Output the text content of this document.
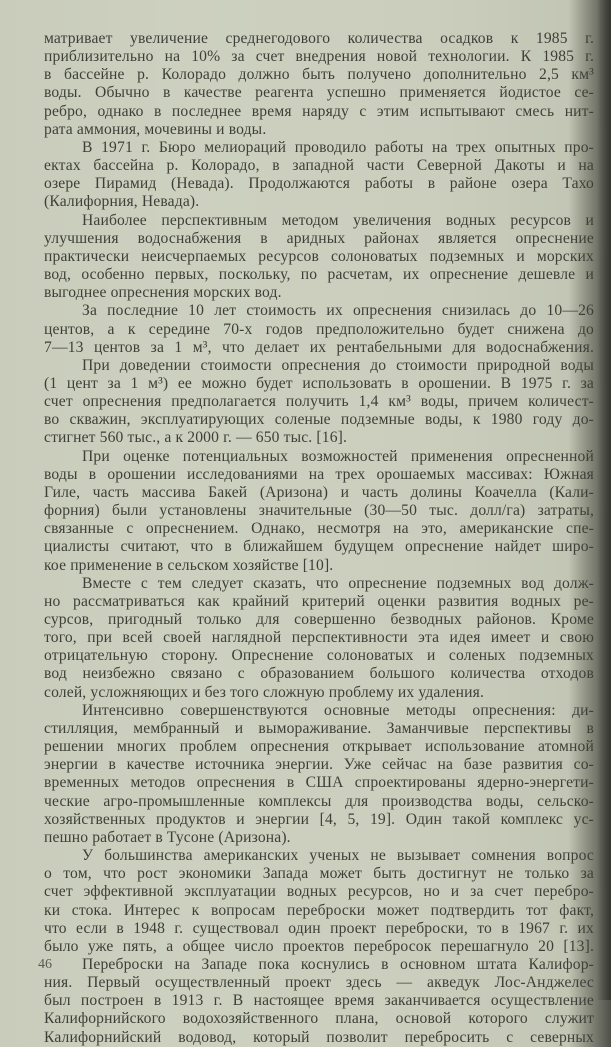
матривает увеличение среднегодового количества осадков к 1985 г.
приблизительно на 10% за счет внедрения новой технологии. К 1985 г.
в бассейне р. Колорадо должно быть получено дополнительно 2,5 км³
воды. Обычно в качестве реагента успешно применяется йодистое се-
ребро, однако в последнее время наряду с этим испытывают смесь нит-
рата аммония, мочевины и воды.
В 1971 г. Бюро мелиораций проводило работы на трех опытных про-
ектах бассейна р. Колорадо, в западной части Северной Дакоты и на
озере Пирамид (Невада). Продолжаются работы в районе озера Тахо
(Калифорния, Невада).
Наиболее перспективным методом увеличения водных ресурсов и
улучшения водоснабжения в аридных районах является опреснение
практически неисчерпаемых ресурсов солоноватых подземных и морских
вод, особенно первых, поскольку, по расчетам, их опреснение дешевле и
выгоднее опреснения морских вод.
За последние 10 лет стоимость их опреснения снизилась до 10—26
центов, а к середине 70-х годов предположительно будет снижена до
7—13 центов за 1 м³, что делает их рентабельными для водоснабжения.
При доведении стоимости опреснения до стоимости природной воды
(1 цент за 1 м³) ее можно будет использовать в орошении. В 1975 г. за
счет опреснения предполагается получить 1,4 км³ воды, причем количест-
во скважин, эксплуатирующих соленые подземные воды, к 1980 году до-
стигнет 560 тыс., а к 2000 г. — 650 тыс. [16].
При оценке потенциальных возможностей применения опресненной
воды в орошении исследованиями на трех орошаемых массивах: Южная
Гиле, часть массива Бакей (Аризона) и часть долины Коачелла (Кали-
форния) были установлены значительные (30—50 тыс. долл/га) затраты,
связанные с опреснением. Однако, несмотря на это, американские спе-
циалисты считают, что в ближайшем будущем опреснение найдет широ-
кое применение в сельском хозяйстве [10].
Вместе с тем следует сказать, что опреснение подземных вод долж-
но рассматриваться как крайний критерий оценки развития водных ре-
сурсов, пригодный только для совершенно безводных районов. Кроме
того, при всей своей наглядной перспективности эта идея имеет и свою
отрицательную сторону. Опреснение солоноватых и соленых подземных
вод неизбежно связано с образованием большого количества отходов
солей, усложняющих и без того сложную проблему их удаления.
Интенсивно совершенствуются основные методы опреснения: ди-
стилляция, мембранный и вымораживание. Заманчивые перспективы в
решении многих проблем опреснения открывает использование атомной
энергии в качестве источника энергии. Уже сейчас на базе развития со-
временных методов опреснения в США спроектированы ядерно-энергети-
ческие агро-промышленные комплексы для производства воды, сельско-
хозяйственных продуктов и энергии [4, 5, 19]. Один такой комплекс ус-
пешно работает в Тусоне (Аризона).
У большинства американских ученых не вызывает сомнения вопрос
о том, что рост экономики Запада может быть достигнут не только за
счет эффективной эксплуатации водных ресурсов, но и за счет перебро-
ки стока. Интерес к вопросам переброски может подтвердить тот факт,
что если в 1948 г. существовал один проект переброски, то в 1967 г. их
было уже пять, а общее число проектов перебросок перешагнуло 20 [13].
Переброски на Западе пока коснулись в основном штата Калифор-
ния. Первый осуществленный проект здесь — акведук Лос-Анджелес
был построен в 1913 г. В настоящее время заканчивается осуществление
Калифорнийского водохозяйственного плана, основой которого служит
Калифорнийский водовод, который позволит перебросить с северных
46
